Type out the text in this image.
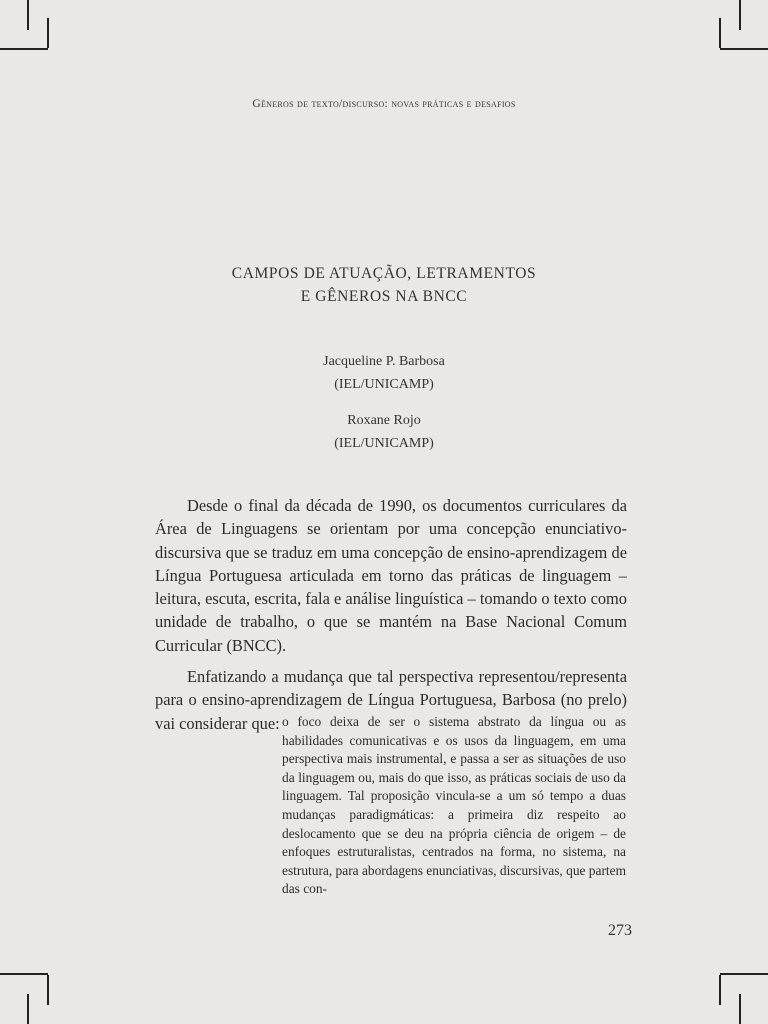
Gêneros de texto/discurso: novas práticas e desafios
CAMPOS DE ATUAÇÃO, LETRAMENTOS
E GÊNEROS NA BNCC
Jacqueline P. Barbosa
(IEL/UNICAMP)
Roxane Rojo
(IEL/UNICAMP)

Desde o final da década de 1990, os documentos curriculares da Área de Linguagens se orientam por uma concepção enunciativo-discursiva que se traduz em uma concepção de ensino-aprendizagem de Língua Portuguesa articulada em torno das práticas de linguagem – leitura, escuta, escrita, fala e análise linguística – tomando o texto como unidade de trabalho, o que se mantém na Base Nacional Comum Curricular (BNCC).

Enfatizando a mudança que tal perspectiva representou/representa para o ensino-aprendizagem de Língua Portuguesa, Barbosa (no prelo) vai considerar que: o foco deixa de ser o sistema abstrato da língua ou as habilidades comunicativas e os usos da linguagem, em uma perspectiva mais instrumental, e passa a ser as situações de uso da linguagem ou, mais do que isso, as práticas sociais de uso da linguagem. Tal proposição vincula-se a um só tempo a duas mudanças paradigmáticas: a primeira diz respeito ao deslocamento que se deu na própria ciência de origem – de enfoques estruturalistas, centrados na forma, no sistema, na estrutura, para abordagens enunciativas, discursivas, que partem das con-
273
